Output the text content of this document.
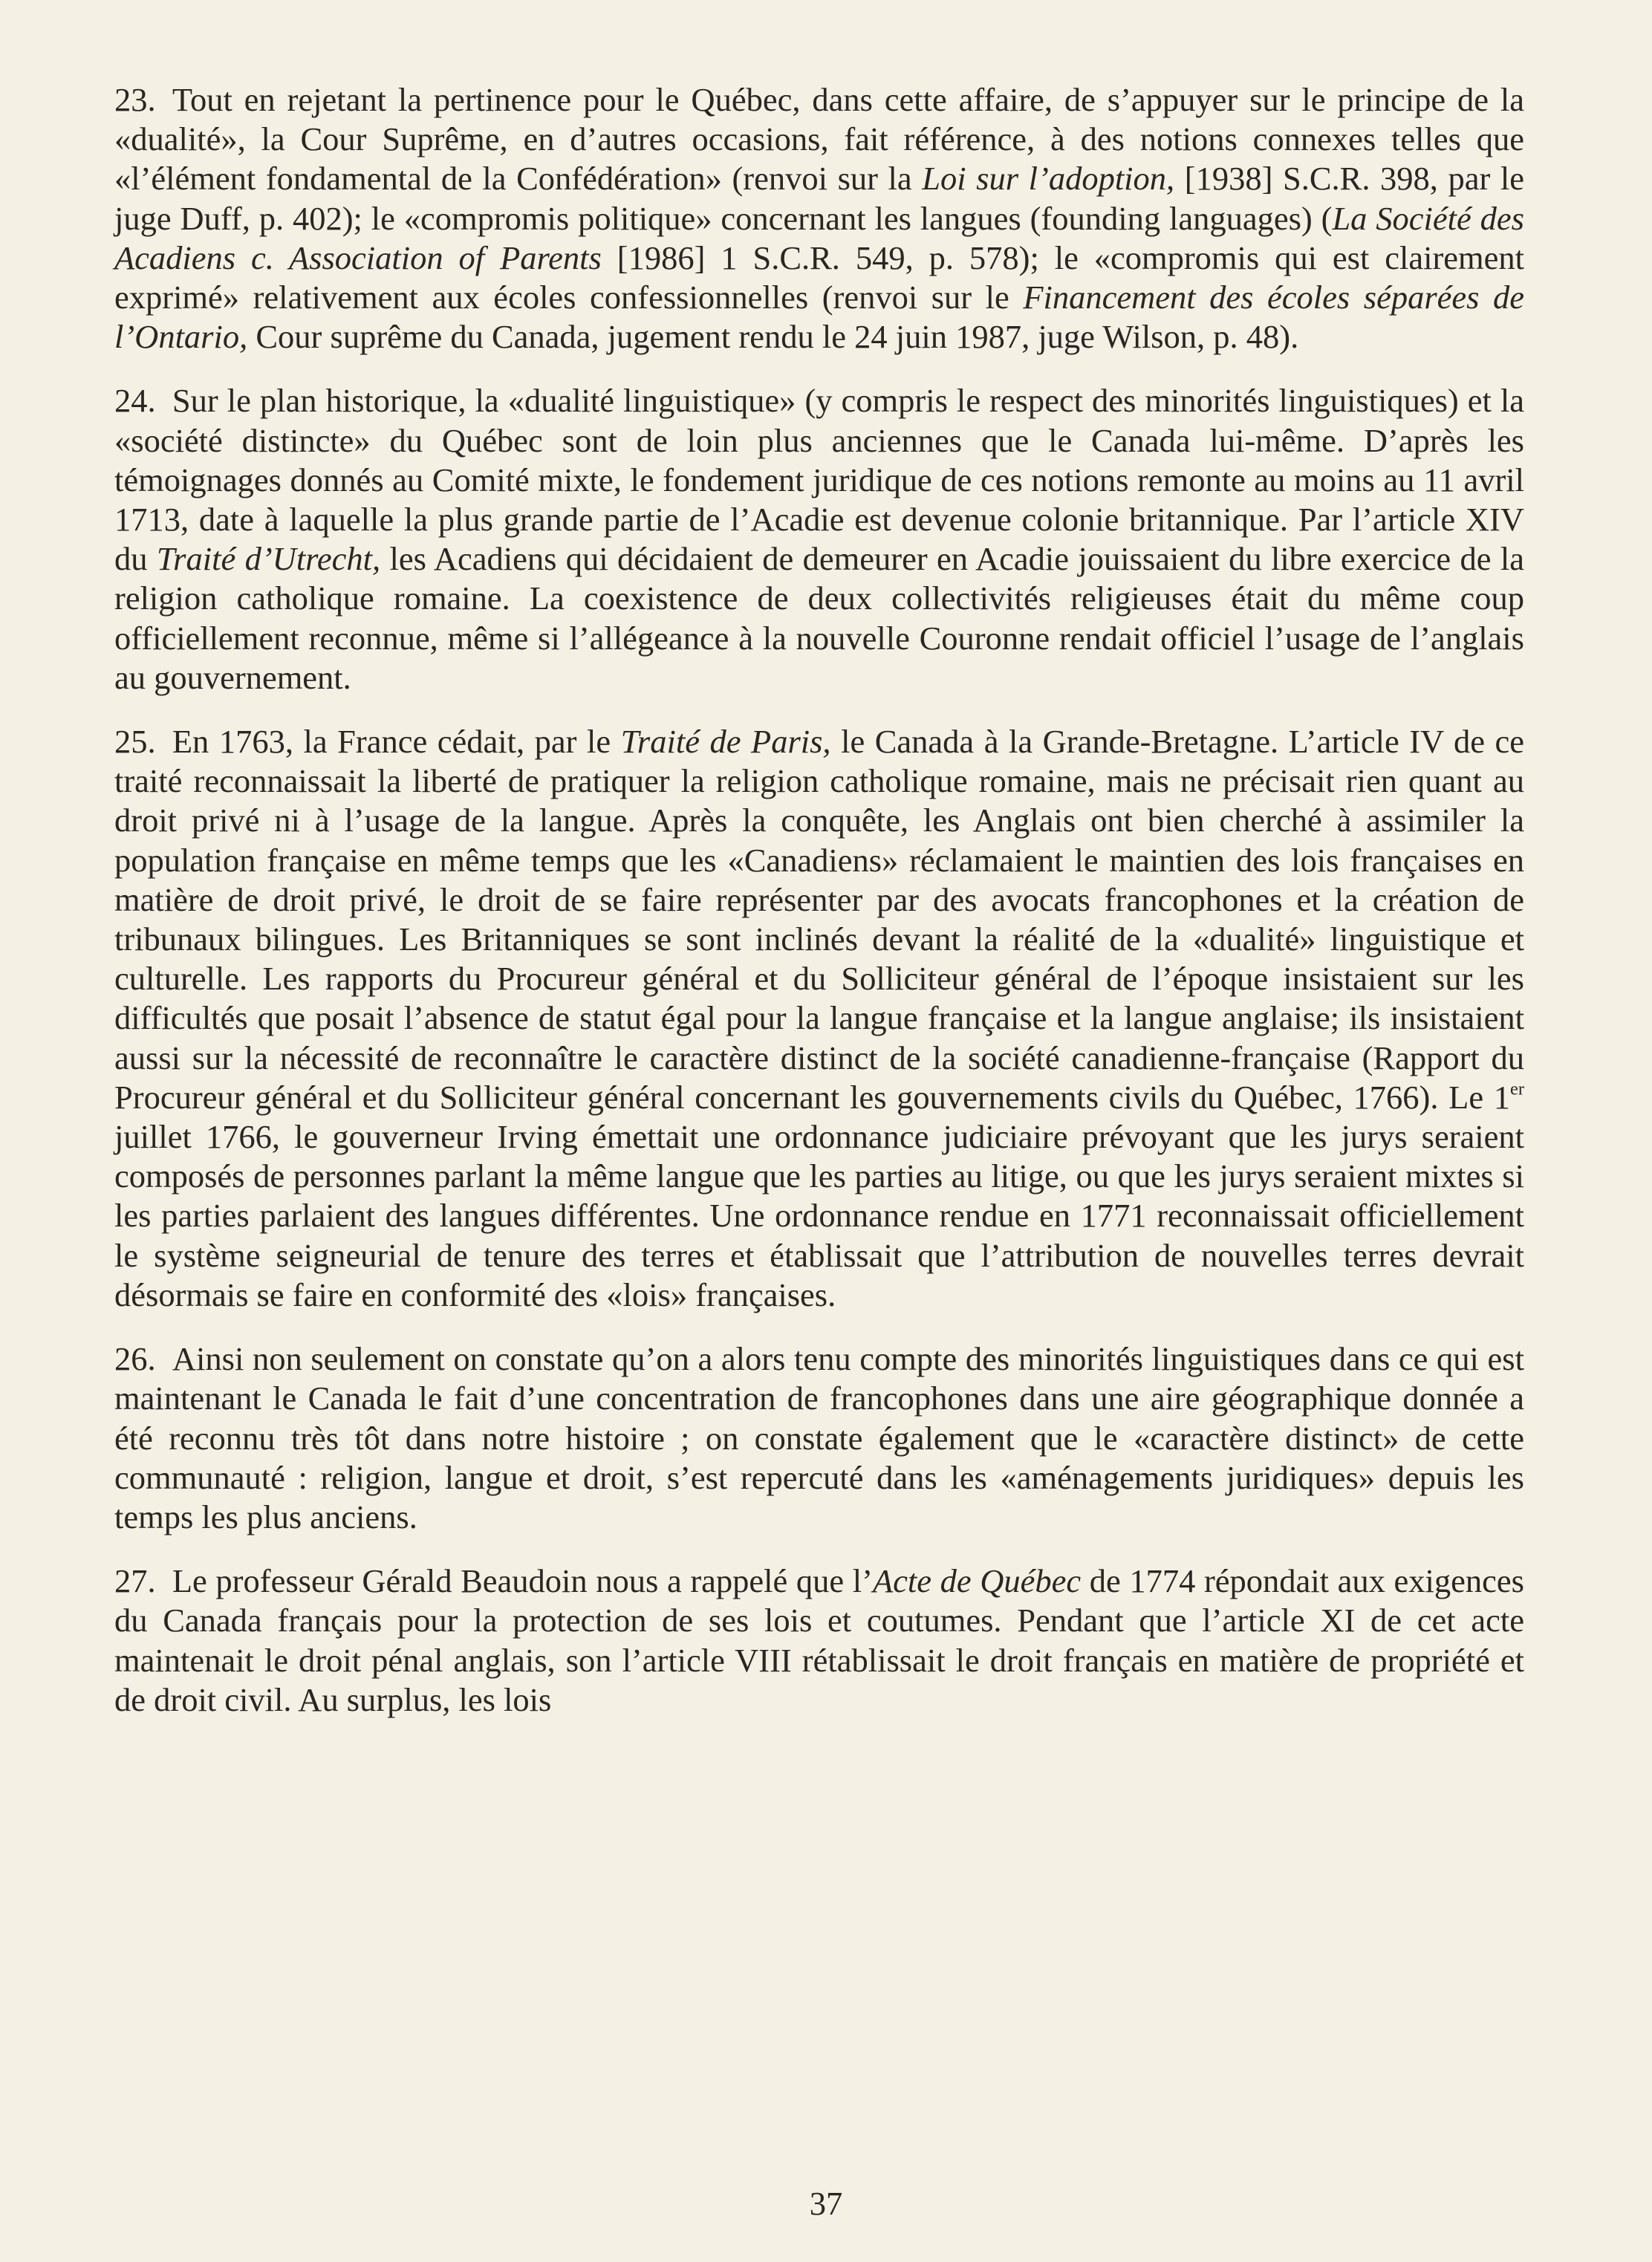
23.  Tout en rejetant la pertinence pour le Québec, dans cette affaire, de s’appuyer sur le principe de la «dualité», la Cour Suprême, en d’autres occasions, fait référence, à des notions connexes telles que «l’élément fondamental de la Confédération» (renvoi sur la Loi sur l’adoption, [1938] S.C.R. 398, par le juge Duff, p. 402); le «compromis politique» concernant les langues (founding languages) (La Société des Acadiens c. Association of Parents [1986] 1 S.C.R. 549, p. 578); le «compromis qui est clairement exprimé» relativement aux écoles confessionnelles (renvoi sur le Financement des écoles séparées de l’Ontario, Cour suprême du Canada, jugement rendu le 24 juin 1987, juge Wilson, p. 48).

24.  Sur le plan historique, la «dualité linguistique» (y compris le respect des minorités linguistiques) et la «société distincte» du Québec sont de loin plus anciennes que le Canada lui-même. D’après les témoignages donnés au Comité mixte, le fondement juridique de ces notions remonte au moins au 11 avril 1713, date à laquelle la plus grande partie de l’Acadie est devenue colonie britannique. Par l’article XIV du Traité d’Utrecht, les Acadiens qui décidaient de demeurer en Acadie jouissaient du libre exercice de la religion catholique romaine. La coexistence de deux collectivités religieuses était du même coup officiellement reconnue, même si l’allégeance à la nouvelle Couronne rendait officiel l’usage de l’anglais au gouvernement.

25.  En 1763, la France cédait, par le Traité de Paris, le Canada à la Grande-Bretagne. L’article IV de ce traité reconnaissait la liberté de pratiquer la religion catholique romaine, mais ne précisait rien quant au droit privé ni à l’usage de la langue. Après la conquête, les Anglais ont bien cherché à assimiler la population française en même temps que les «Canadiens» réclamaient le maintien des lois françaises en matière de droit privé, le droit de se faire représenter par des avocats francophones et la création de tribunaux bilingues. Les Britanniques se sont inclinés devant la réalité de la «dualité» linguistique et culturelle. Les rapports du Procureur général et du Solliciteur général de l’époque insistaient sur les difficultés que posait l’absence de statut égal pour la langue française et la langue anglaise; ils insistaient aussi sur la nécessité de reconnaître le caractère distinct de la société canadienne-française (Rapport du Procureur général et du Solliciteur général concernant les gouvernements civils du Québec, 1766). Le 1er juillet 1766, le gouverneur Irving émettait une ordonnance judiciaire prévoyant que les jurys seraient composés de personnes parlant la même langue que les parties au litige, ou que les jurys seraient mixtes si les parties parlaient des langues différentes. Une ordonnance rendue en 1771 reconnaissait officiellement le système seigneurial de tenure des terres et établissait que l’attribution de nouvelles terres devrait désormais se faire en conformité des «lois» françaises.

26.  Ainsi non seulement on constate qu’on a alors tenu compte des minorités linguistiques dans ce qui est maintenant le Canada le fait d’une concentration de francophones dans une aire géographique donnée a été reconnu très tôt dans notre histoire ; on constate également que le «caractère distinct» de cette communauté : religion, langue et droit, s’est repercuté dans les «aménagements juridiques» depuis les temps les plus anciens.

27.  Le professeur Gérald Beaudoin nous a rappelé que l’Acte de Québec de 1774 répondait aux exigences du Canada français pour la protection de ses lois et coutumes. Pendant que l’article XI de cet acte maintenait le droit pénal anglais, son l’article VIII rétablissait le droit français en matière de propriété et de droit civil. Au surplus, les lois

37
